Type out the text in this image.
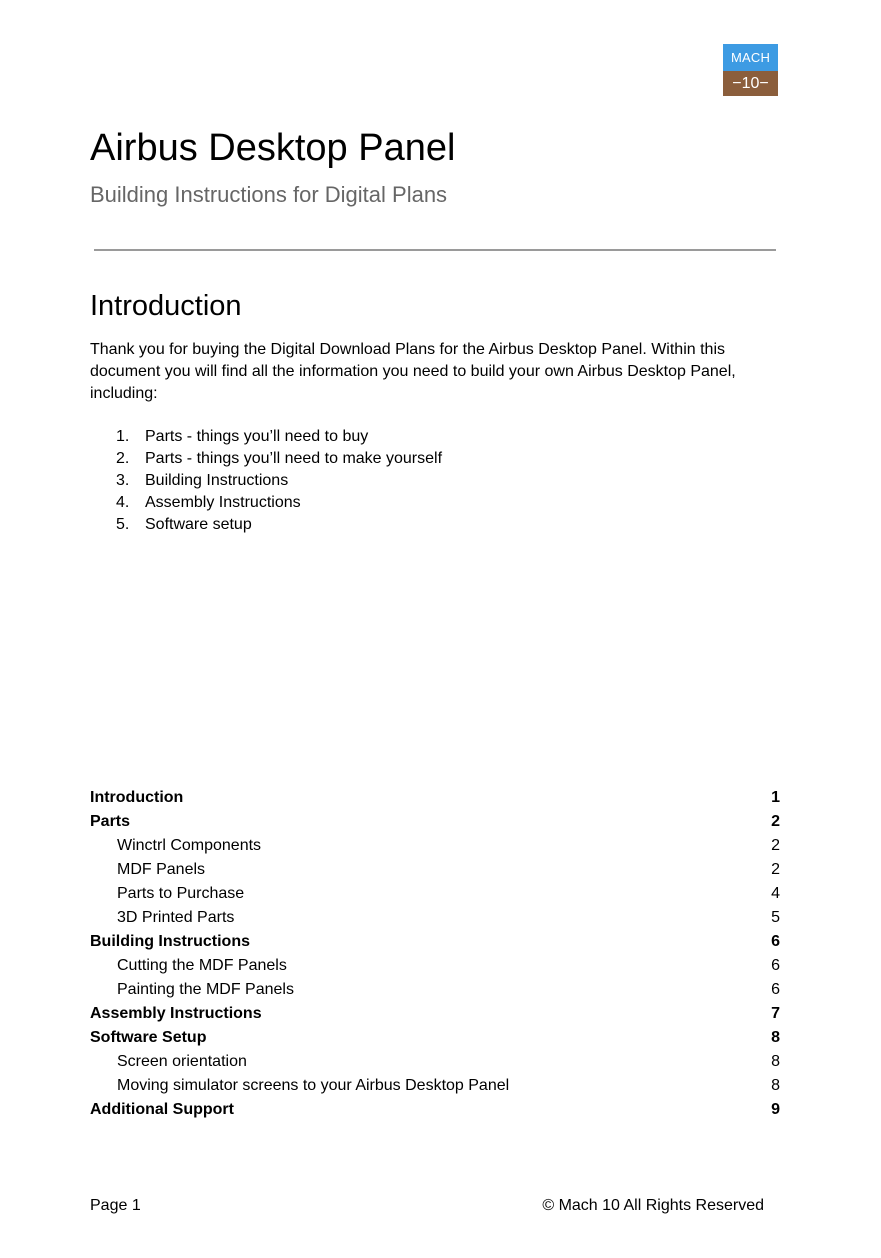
MACH
−10−
Airbus Desktop Panel
Building Instructions for Digital Plans
Introduction

Thank you for buying the Digital Download Plans for the Airbus Desktop Panel. Within this document you will find all the information you need to build your own Airbus Desktop Panel, including:

1. Parts - things you’ll need to buy
2. Parts - things you’ll need to make yourself
3. Building Instructions
4. Assembly Instructions
5. Software setup
Introduction	1
Parts	2
Winctrl Components	2
MDF Panels	2
Parts to Purchase	4
3D Printed Parts	5
Building Instructions	6
Cutting the MDF Panels	6
Painting the MDF Panels	6
Assembly Instructions	7
Software Setup	8
Screen orientation	8
Moving simulator screens to your Airbus Desktop Panel	8
Additional Support	9
Page 1	© Mach 10 All Rights Reserved
